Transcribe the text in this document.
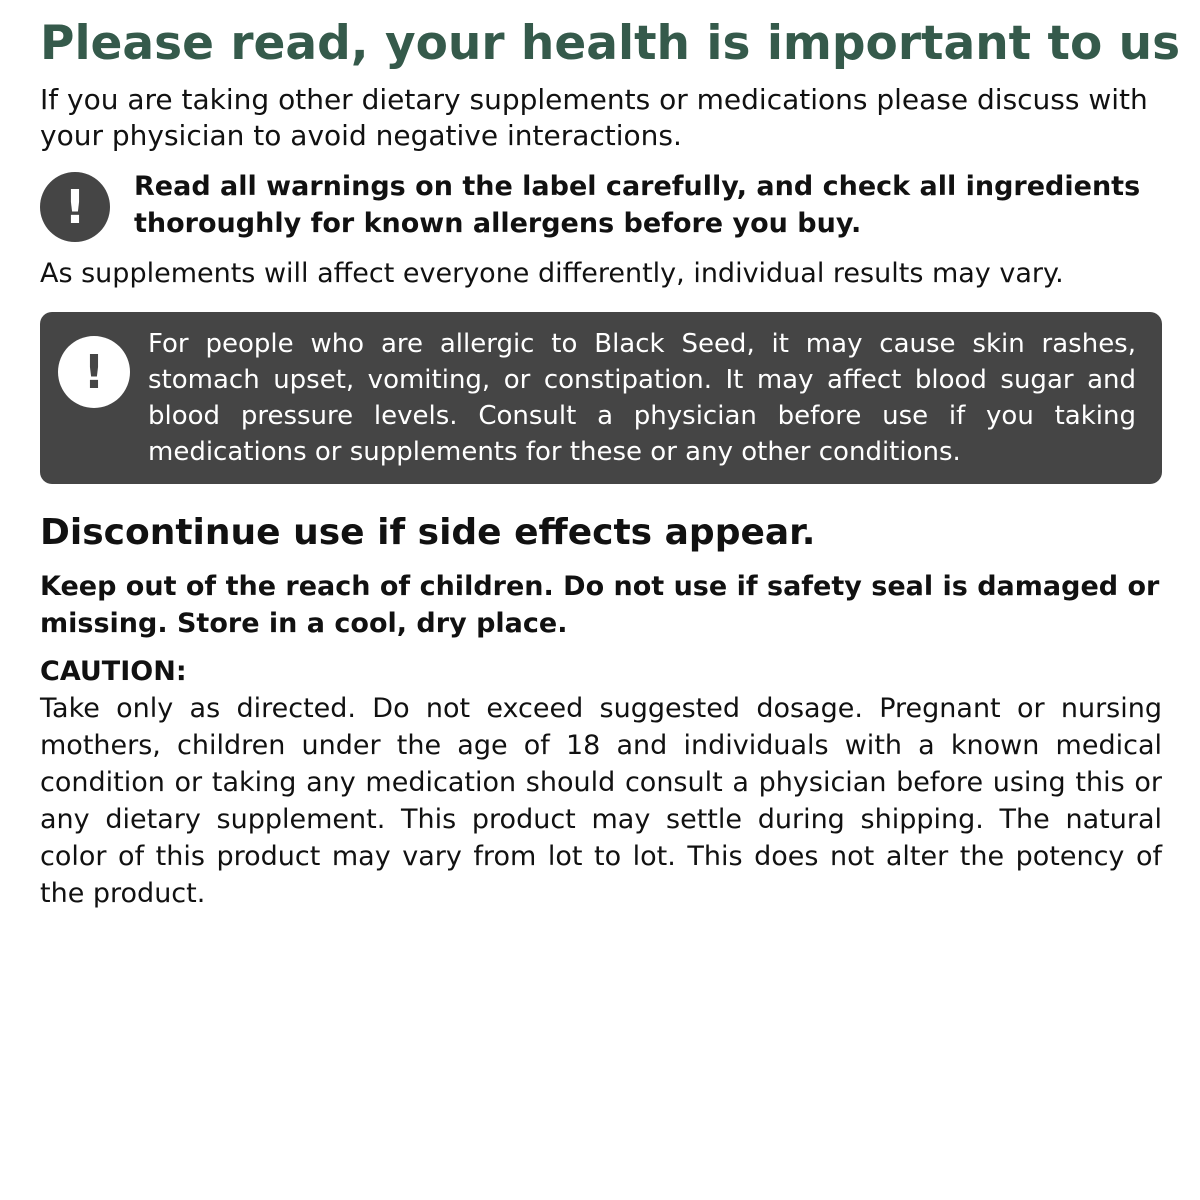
Please read, your health is important to us

If you are taking other dietary supplements or medications please discuss with your physician to avoid negative interactions.

! Read all warnings on the label carefully, and check all ingredients thoroughly for known allergens before you buy.

As supplements will affect everyone differently, individual results may vary.

!

For people who are allergic to Black Seed, it may cause skin rashes, stomach upset, vomiting, or constipation. It may affect blood sugar and blood pressure levels. Consult a physician before use if you taking medications or supplements for these or any other conditions.

Discontinue use if side effects appear.

Keep out of the reach of children. Do not use if safety seal is damaged or missing. Store in a cool, dry place.

CAUTION:

Take only as directed. Do not exceed suggested dosage. Pregnant or nursing mothers, children under the age of 18 and individuals with a known medical condition or taking any medication should consult a physician before using this or any dietary supplement. This product may settle during shipping. The natural color of this product may vary from lot to lot. This does not alter the potency of the product.
